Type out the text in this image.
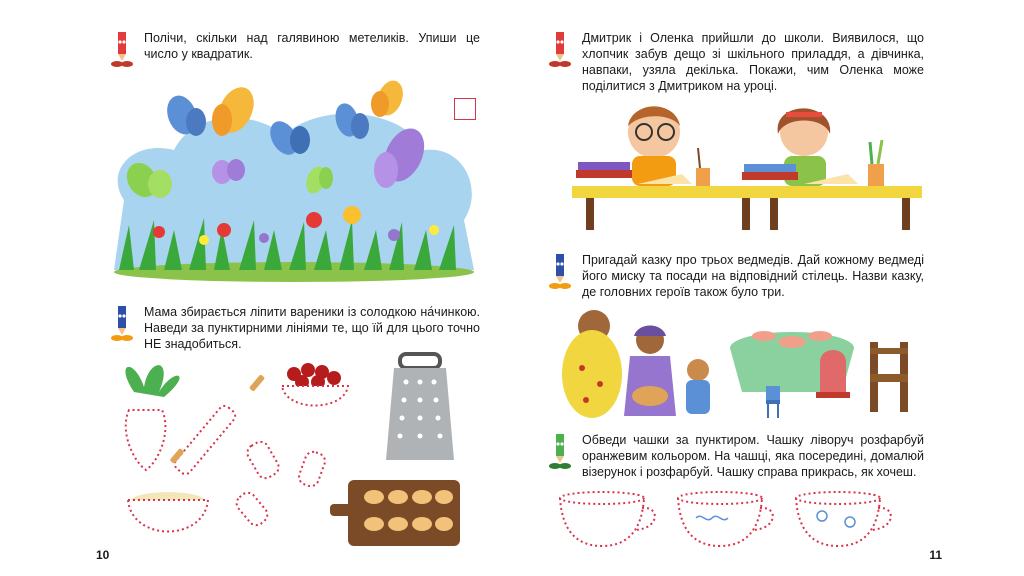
Полічи, скільки над галявиною метеликів. Упиши це число у квадратик.
Мама збирається ліпити вареники із солодкою на́чинкою. Наведи за пунктирними лініями те, що їй для цього точно НЕ знадобиться.
10
Дмитрик і Оленка прийшли до школи. Виявилося, що хлопчик забув дещо зі шкільного приладдя, а дівчинка, навпаки, узяла декілька. Покажи, чим Оленка може поділитися з Дмитриком на уроці.
Пригадай казку про трьох ведмедів. Дай кожному ведмеді його миску та посади на відповідний стілець. Назви казку, де головних героїв також було три.
Обведи чашки за пунктиром. Чашку ліворуч розфарбуй оранжевим кольором. На чашці, яка посередині, домалюй візерунок і розфарбуй. Чашку справа прикрась, як хочеш.
11
